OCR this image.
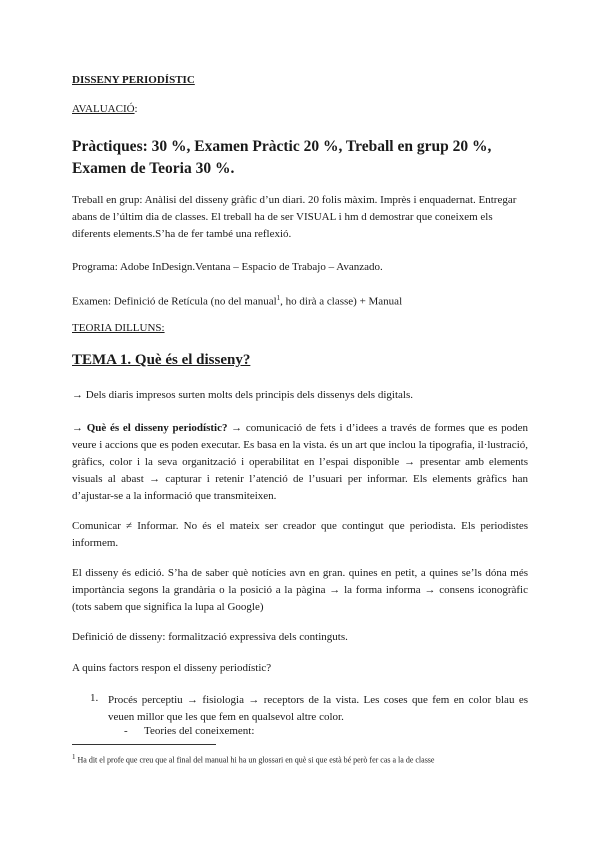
DISSENY PERIODÍSTIC
AVALUACIÓ:
Pràctiques: 30 %, Examen Pràctic 20 %, Treball en grup 20 %, Examen de Teoria 30 %.
Treball en grup: Anàlisi del disseny gràfic d’un diari. 20 folis màxim. Imprès i enquadernat. Entregar abans de l’últim dia de classes. El treball ha de ser VISUAL i hm d demostrar que coneixem els diferents elements.S’ha de fer també una reflexió.
Programa: Adobe InDesign.Ventana – Espacio de Trabajo – Avanzado.
Examen: Definició de Retícula (no del manual$^1$, ho dirà a classe) + Manual
TEORIA DILLUNS:
TEMA 1. Què és el disseny?
→ Dels diaris impresos surten molts dels principis dels dissenys dels digitals.
→ Què és el disseny periodístic? → comunicació de fets i d’idees a través de formes que es poden veure i accions que es poden executar. Es basa en la vista. és un art que inclou la tipografia, il·lustració, gràfics, color i la seva organització i operabilitat en l’espai disponible → presentar amb elements visuals al abast → capturar i retenir l’atenció de l’usuari per informar. Els elements gràfics han d’ajustar-se a la informació que transmiteixen.
Comunicar ≠ Informar. No és el mateix ser creador que contingut que periodista. Els periodistes informem.
El disseny és edició. S’ha de saber què notícies avn en gran. quines en petit, a quines se’ls dóna més importància segons la grandària o la posició a la pàgina → la forma informa → consens iconogràfic (tots sabem que significa la lupa al Google)
Definició de disseny: formalització expressiva dels continguts.
A quins factors respon el disseny periodístic?
1. Procés perceptiu → fisiologia → receptors de la vista. Les coses que fem en color blau es veuen millor que les que fem en qualsevol altre color.
- Teories del coneixement:
$^1$ Ha dit el profe que creu que al final del manual hi ha un glossari en què si que està bé però fer cas a la de classe
